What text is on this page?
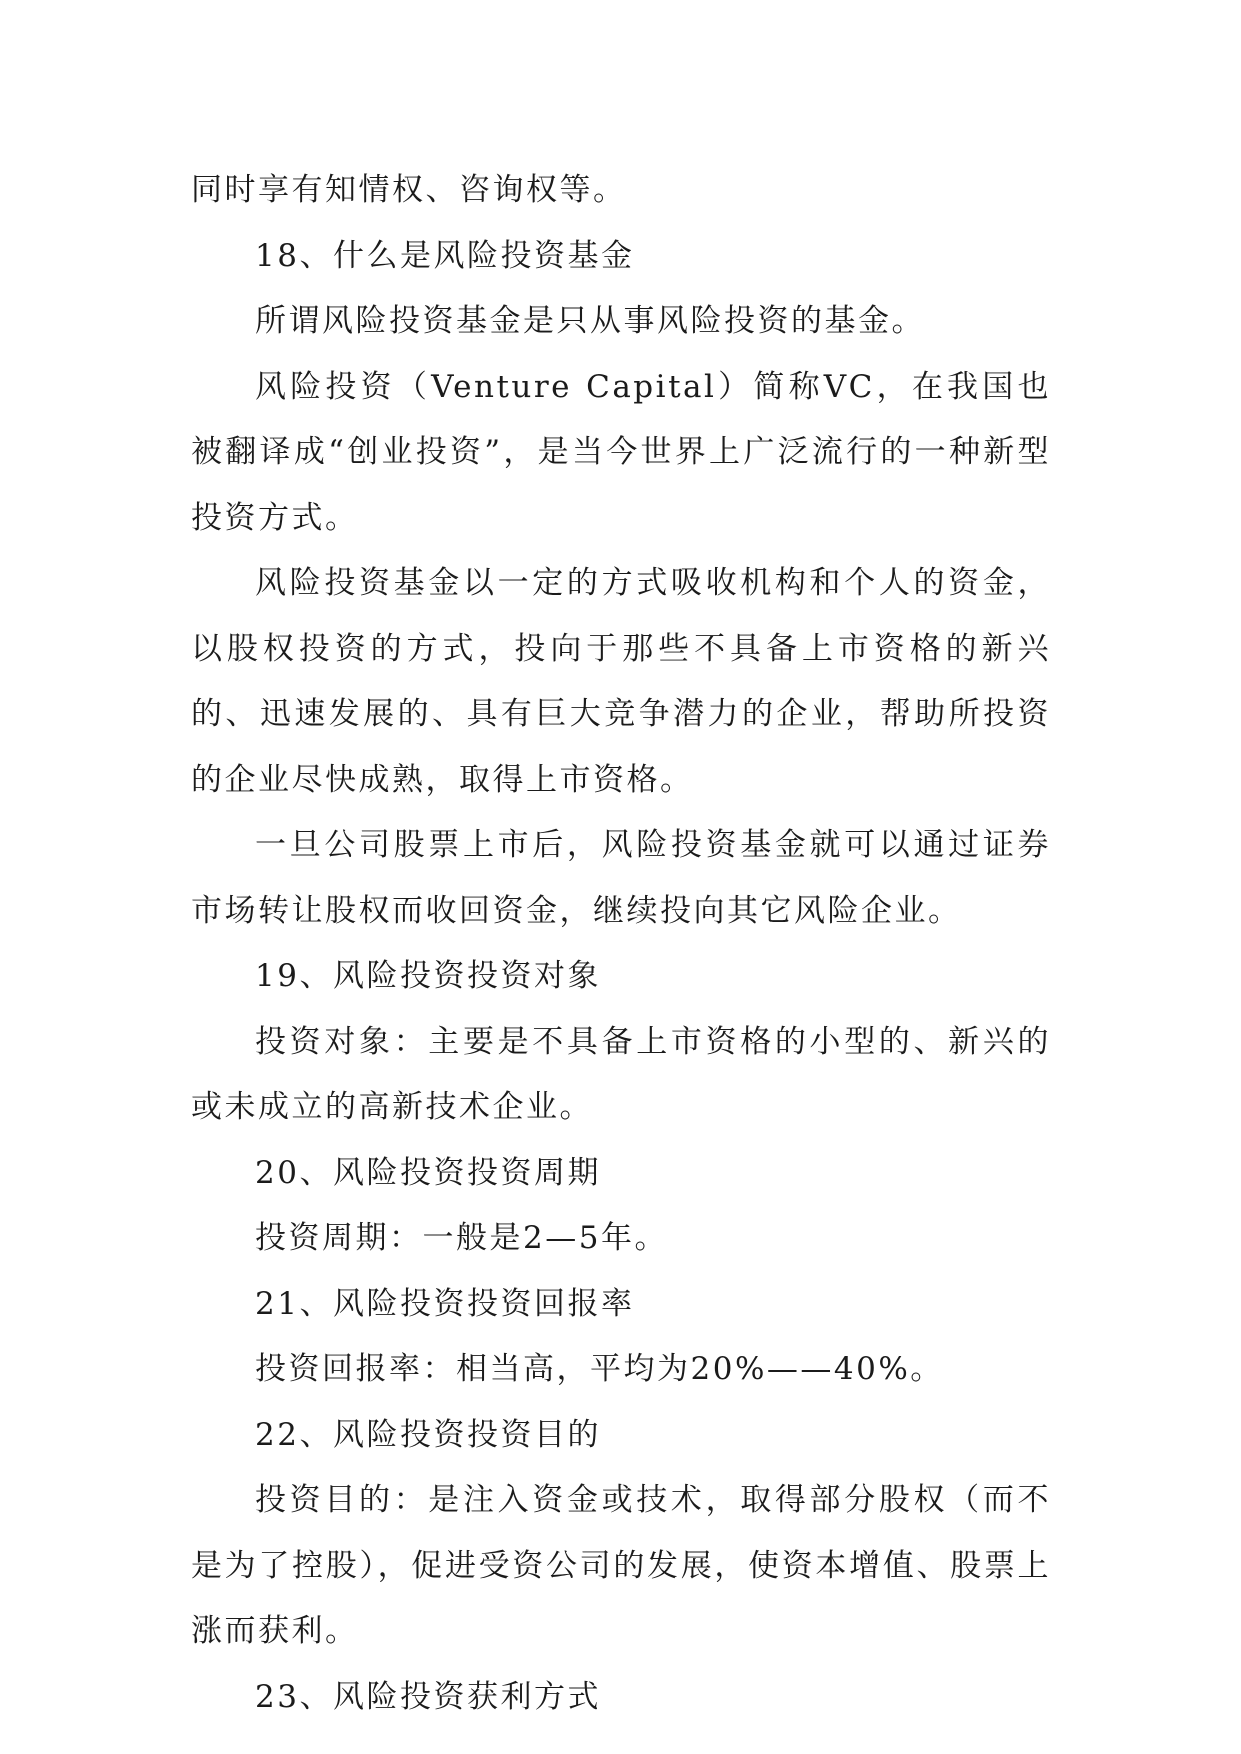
同时享有知情权、咨询权等。

18、什么是风险投资基金

所谓风险投资基金是只从事风险投资的基金。

风险投资（Venture Capital）简称VC，在我国也被翻译成“创业投资”，是当今世界上广泛流行的一种新型投资方式。

风险投资基金以一定的方式吸收机构和个人的资金，以股权投资的方式，投向于那些不具备上市资格的新兴的、迅速发展的、具有巨大竞争潜力的企业，帮助所投资的企业尽快成熟，取得上市资格。

一旦公司股票上市后，风险投资基金就可以通过证券市场转让股权而收回资金，继续投向其它风险企业。

19、风险投资投资对象

投资对象：主要是不具备上市资格的小型的、新兴的或未成立的高新技术企业。

20、风险投资投资周期

投资周期：一般是2—5年。

21、风险投资投资回报率

投资回报率：相当高，平均为20%——40%。

22、风险投资投资目的

投资目的：是注入资金或技术，取得部分股权（而不是为了控股），促进受资公司的发展，使资本增值、股票上涨而获利。

23、风险投资获利方式
